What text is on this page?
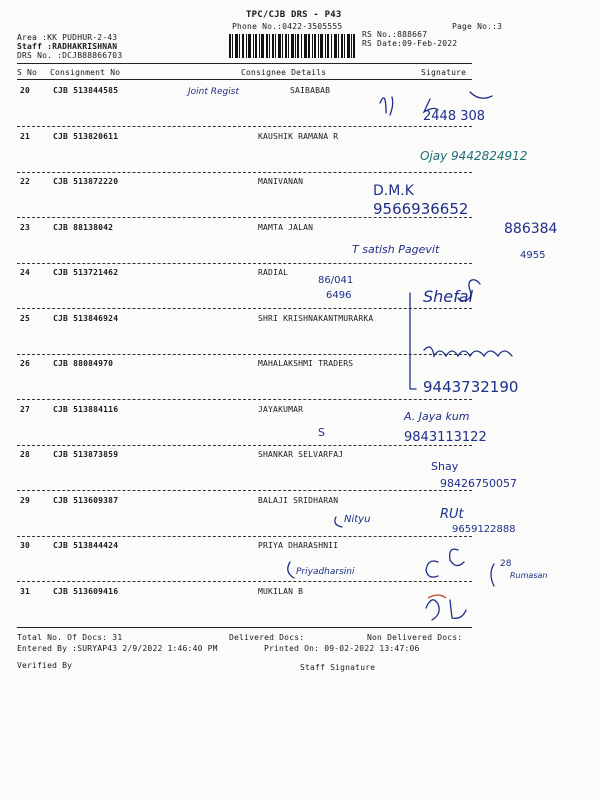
TPC/CJB DRS - P43
Phone No.:0422-3505555	Page No.:3
Area :KK PUDHUR-2-43
Staff :RADHAKRISHNAN
DRS No. :DCJB88866703
RS No.:888667
RS Date:09-Feb-2022
S No Consignment No	Consignee Details	Signature
20	CJB 513844585	SAIBABAB
21	CJB 513820611	KAUSHIK RAMANA R
22	CJB 513872220	MANIVANAN
23	CJB 88138042	MAMTA JALAN
24	CJB 513721462	RADIAL
25	CJB 513846924	SHRI KRISHNAKANTMURARKA
26	CJB 88084970	MAHALAKSHMI TRADERS
27	CJB 513884116	JAYAKUMAR
28	CJB 513873859	SHANKAR SELVARFAJ
29	CJB 513609387	BALAJI SRIDHARAN
30	CJB 513844424	PRIYA DHARASHNII
31	CJB 513609416	MUKILAN B
Total No. Of Docs: 31	Delivered Docs:	Non Delivered Docs:
Entered By :SURYAP43 2/9/2022 1:46:40 PM	Printed On: 09-02-2022 13:47:06
Verified By	Staff Signature
Joint Regist
2448 308
Ojay 9442824912
D.M.K
9566936652
886384
T satish Pagevit	4955
86/041
6496	Shefal
9443732190
A. Jaya kum
S	9843113122
Shay
98426750057
Nityu	RUt
9659122888
Priyadharsini
28
Rumasan
